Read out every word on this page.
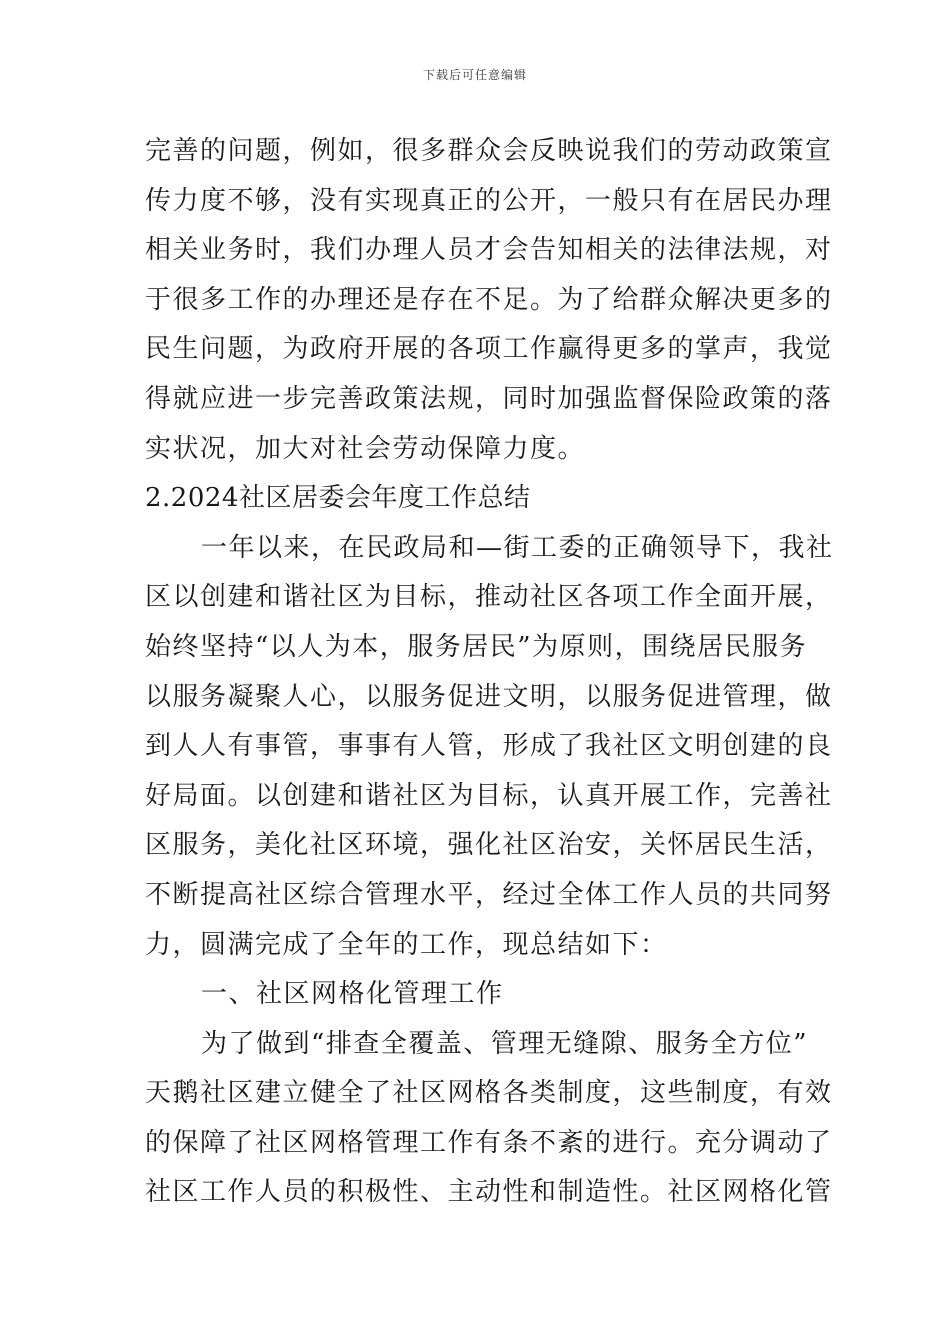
下载后可任意编辑
完善的问题，例如，很多群众会反映说我们的劳动政策宣
传力度不够，没有实现真正的公开，一般只有在居民办理
相关业务时，我们办理人员才会告知相关的法律法规，对
于很多工作的办理还是存在不足。为了给群众解决更多的
民生问题，为政府开展的各项工作赢得更多的掌声，我觉
得就应进一步完善政策法规，同时加强监督保险政策的落
实状况，加大对社会劳动保障力度。
2.2024社区居委会年度工作总结
一年以来，在民政局和—街工委的正确领导下，我社
区以创建和谐社区为目标，推动社区各项工作全面开展，
始终坚持“以人为本，服务居民”为原则，围绕居民服务
以服务凝聚人心，以服务促进文明，以服务促进管理，做
到人人有事管，事事有人管，形成了我社区文明创建的良
好局面。以创建和谐社区为目标，认真开展工作，完善社
区服务，美化社区环境，强化社区治安，关怀居民生活，
不断提高社区综合管理水平，经过全体工作人员的共同努
力，圆满完成了全年的工作，现总结如下：
一、社区网格化管理工作
为了做到“排查全覆盖、管理无缝隙、服务全方位”
天鹅社区建立健全了社区网格各类制度，这些制度，有效
的保障了社区网格管理工作有条不紊的进行。充分调动了
社区工作人员的积极性、主动性和制造性。社区网格化管
